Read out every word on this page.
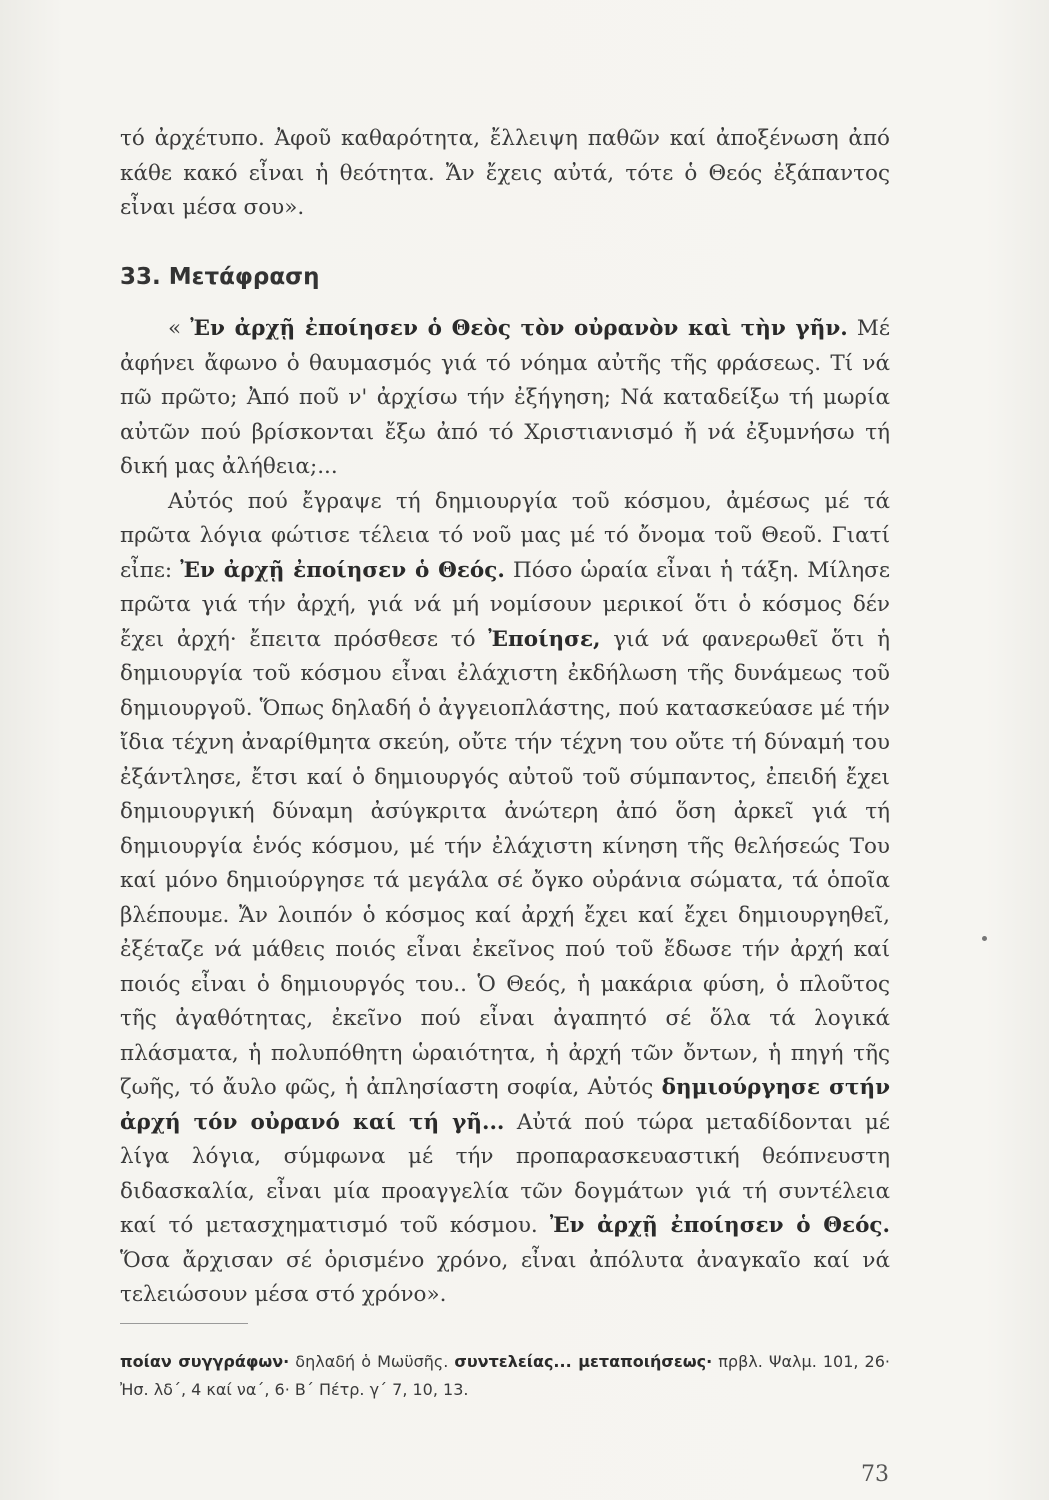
τό ἀρχέτυπο. Ἀφοῦ καθαρότητα, ἔλλειψη παθῶν καί ἀποξένωση ἀπό κάθε κακό εἶναι ἡ θεότητα. Ἄν ἔχεις αὐτά, τότε ὁ Θεός ἐξάπαντος εἶναι μέσα σου».

33. Μετάφραση

« Ἐν ἀρχῇ ἐποίησεν ὁ Θεὸς τὸν οὐρανὸν καὶ τὴν γῆν. Μέ ἀφήνει ἄφωνο ὁ θαυμασμός γιά τό νόημα αὐτῆς τῆς φράσεως. Τί νά πῶ πρῶτο; Ἀπό ποῦ ν' ἀρχίσω τήν ἐξήγηση; Νά καταδείξω τή μωρία αὐτῶν πού βρίσκονται ἔξω ἀπό τό Χριστιανισμό ἤ νά ἐξυμνήσω τή δική μας ἀλήθεια;...

Αὐτός πού ἔγραψε τή δημιουργία τοῦ κόσμου, ἀμέσως μέ τά πρῶτα λόγια φώτισε τέλεια τό νοῦ μας μέ τό ὄνομα τοῦ Θεοῦ. Γιατί εἶπε: Ἐν ἀρχῇ ἐποίησεν ὁ Θεός. Πόσο ὡραία εἶναι ἡ τάξη. Μίλησε πρῶτα γιά τήν ἀρχή, γιά νά μή νομίσουν μερικοί ὅτι ὁ κόσμος δέν ἔχει ἀρχή· ἔπειτα πρόσθεσε τό Ἐποίησε, γιά νά φανερωθεῖ ὅτι ἡ δημιουργία τοῦ κόσμου εἶναι ἐλάχιστη ἐκδήλωση τῆς δυνάμεως τοῦ δημιουργοῦ. Ὅπως δηλαδή ὁ ἀγγειοπλάστης, πού κατασκεύασε μέ τήν ἴδια τέχνη ἀναρίθμητα σκεύη, οὔτε τήν τέχνη του οὔτε τή δύναμή του ἐξάντλησε, ἔτσι καί ὁ δημιουργός αὐτοῦ τοῦ σύμπαντος, ἐπειδή ἔχει δημιουργική δύναμη ἀσύγκριτα ἀνώτερη ἀπό ὅση ἀρκεῖ γιά τή δημιουργία ἑνός κόσμου, μέ τήν ἐλάχιστη κίνηση τῆς θελήσεώς Του καί μόνο δημιούργησε τά μεγάλα σέ ὄγκο οὐράνια σώματα, τά ὁποῖα βλέπουμε. Ἄν λοιπόν ὁ κόσμος καί ἀρχή ἔχει καί ἔχει δημιουργηθεῖ, ἐξέταζε νά μάθεις ποιός εἶναι ἐκεῖνος πού τοῦ ἔδωσε τήν ἀρχή καί ποιός εἶναι ὁ δημιουργός του.. Ὁ Θεός, ἡ μακάρια φύση, ὁ πλοῦτος τῆς ἀγαθότητας, ἐκεῖνο πού εἶναι ἀγαπητό σέ ὅλα τά λογικά πλάσματα, ἡ πολυπόθητη ὡραιότητα, ἡ ἀρχή τῶν ὄντων, ἡ πηγή τῆς ζωῆς, τό ἄυλο φῶς, ἡ ἀπλησίαστη σοφία, Αὐτός δημιούργησε στήν ἀρχή τόν οὐρανό καί τή γῆ... Αὐτά πού τώρα μεταδίδονται μέ λίγα λόγια, σύμφωνα μέ τήν προπαρασκευαστική θεόπνευστη διδασκαλία, εἶναι μία προαγγελία τῶν δογμάτων γιά τή συντέλεια καί τό μετασχηματισμό τοῦ κόσμου. Ἐν ἀρχῇ ἐποίησεν ὁ Θεός. Ὅσα ἄρχισαν σέ ὁρισμένο χρόνο, εἶναι ἀπόλυτα ἀναγκαῖο καί νά τελειώσουν μέσα στό χρόνο».

ποίαν συγγράφων· δηλαδή ὁ Μωϋσῆς. συντελείας... μεταποιήσεως· πρβλ. Ψαλμ. 101, 26· Ἠσ. λδ΄, 4 καί να΄, 6· Β΄ Πέτρ. γ΄ 7, 10, 13.
73
